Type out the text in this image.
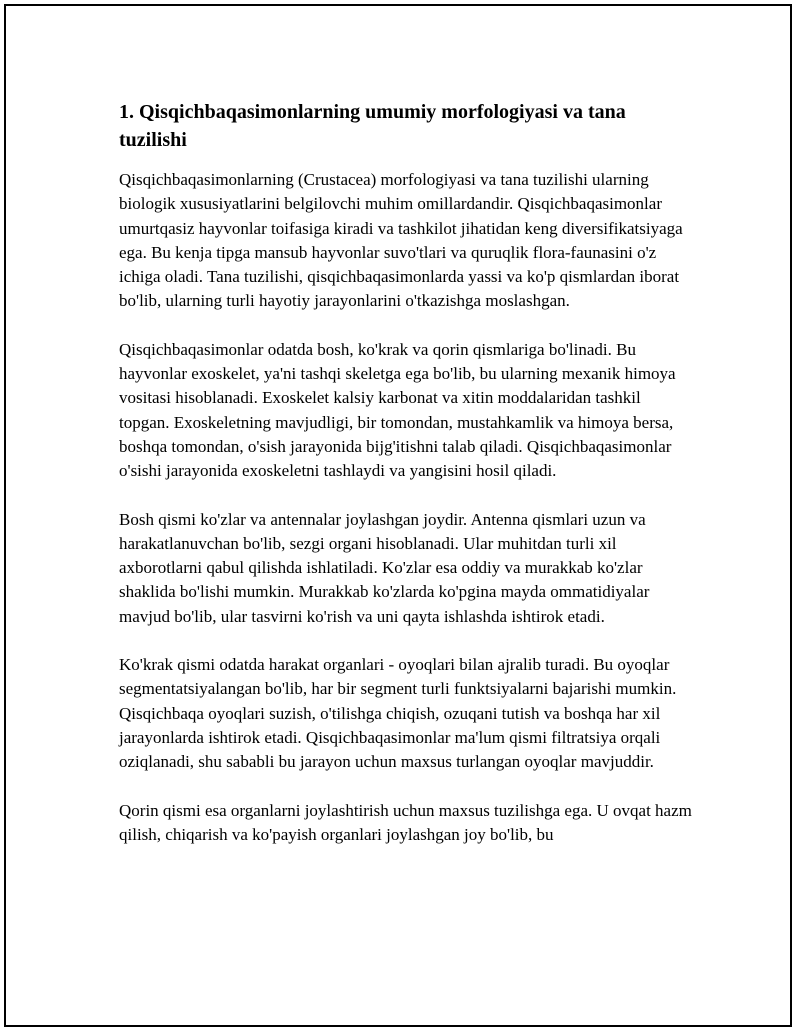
1. Qisqichbaqasimonlarning umumiy morfologiyasi va tana tuzilishi

Qisqichbaqasimonlarning (Crustacea) morfologiyasi va tana tuzilishi ularning biologik xususiyatlarini belgilovchi muhim omillardandir. Qisqichbaqasimonlar umurtqasiz hayvonlar toifasiga kiradi va tashkilot jihatidan keng diversifikatsiyaga ega. Bu kenja tipga mansub hayvonlar suvo'tlari va quruqlik flora-faunasini o'z ichiga oladi. Tana tuzilishi, qisqichbaqasimonlarda yassi va ko'p qismlardan iborat bo'lib, ularning turli hayotiy jarayonlarini o'tkazishga moslashgan.

Qisqichbaqasimonlar odatda bosh, ko'krak va qorin qismlariga bo'linadi. Bu hayvonlar exoskelet, ya'ni tashqi skeletga ega bo'lib, bu ularning mexanik himoya vositasi hisoblanadi. Exoskelet kalsiy karbonat va xitin moddalaridan tashkil topgan. Exoskeletning mavjudligi, bir tomondan, mustahkamlik va himoya bersa, boshqa tomondan, o'sish jarayonida bijg'itishni talab qiladi. Qisqichbaqasimonlar o'sishi jarayonida exoskeletni tashlaydi va yangisini hosil qiladi.

Bosh qismi ko'zlar va antennalar joylashgan joydir. Antenna qismlari uzun va harakatlanuvchan bo'lib, sezgi organi hisoblanadi. Ular muhitdan turli xil axborotlarni qabul qilishda ishlatiladi. Ko'zlar esa oddiy va murakkab ko'zlar shaklida bo'lishi mumkin. Murakkab ko'zlarda ko'pgina mayda ommatidiyalar mavjud bo'lib, ular tasvirni ko'rish va uni qayta ishlashda ishtirok etadi.

Ko'krak qismi odatda harakat organlari - oyoqlari bilan ajralib turadi. Bu oyoqlar segmentatsiyalangan bo'lib, har bir segment turli funktsiyalarni bajarishi mumkin. Qisqichbaqa oyoqlari suzish, o'tilishga chiqish, ozuqani tutish va boshqa har xil jarayonlarda ishtirok etadi. Qisqichbaqasimonlar ma'lum qismi filtratsiya orqali oziqlanadi, shu sababli bu jarayon uchun maxsus turlangan oyoqlar mavjuddir.

Qorin qismi esa organlarni joylashtirish uchun maxsus tuzilishga ega. U ovqat hazm qilish, chiqarish va ko'payish organlari joylashgan joy bo'lib, bu
